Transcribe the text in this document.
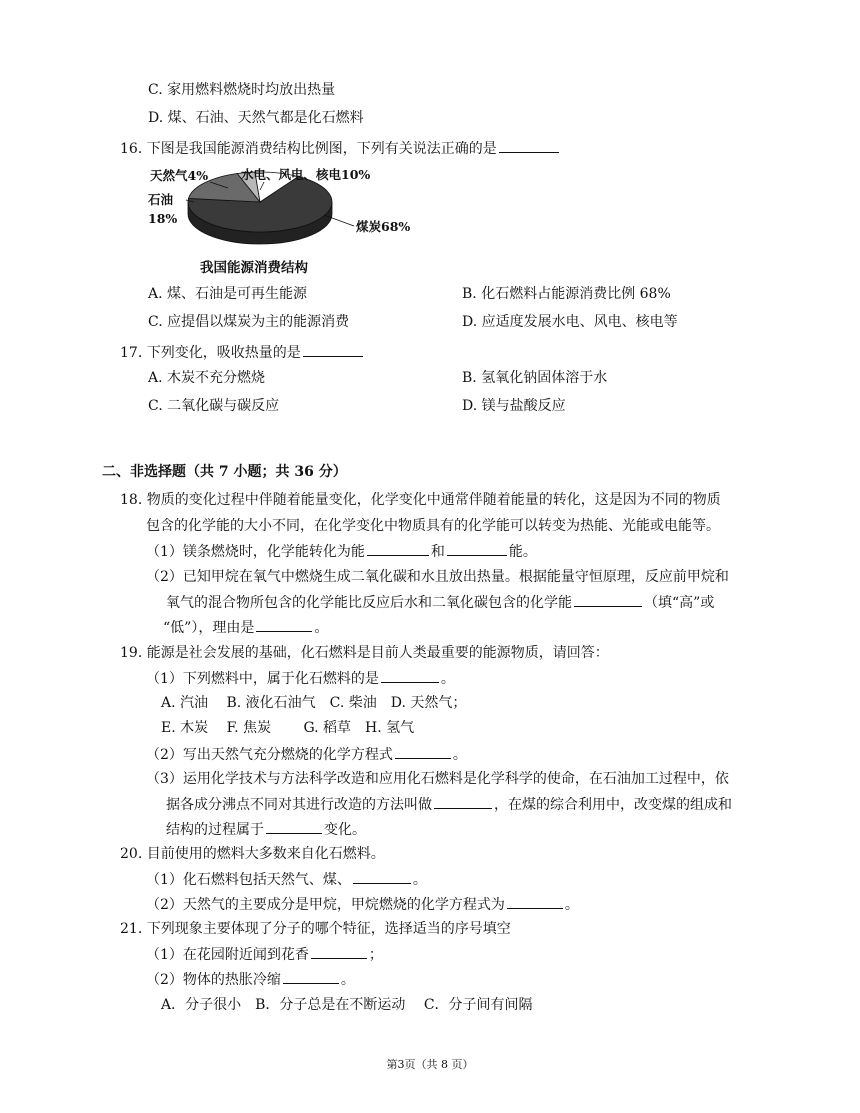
C. 家用燃料燃烧时均放出热量
D. 煤、石油、天然气都是化石燃料
16. 下图是我国能源消费结构比例图，下列有关说法正确的是
煤炭68%
石油
18%
天然气4%	水电、风电、核电10%
我国能源消费结构
A. 煤、石油是可再生能源	B. 化石燃料占能源消费比例 68%
C. 应提倡以煤炭为主的能源消费	D. 应适度发展水电、风电、核电等
17. 下列变化，吸收热量的是
A. 木炭不充分燃烧	B. 氢氧化钠固体溶于水
C. 二氧化碳与碳反应	D. 镁与盐酸反应
二、非选择题（共 7 小题；共 36 分）
18. 物质的变化过程中伴随着能量变化，化学变化中通常伴随着能量的转化，这是因为不同的物质
包含的化学能的大小不同，在化学变化中物质具有的化学能可以转变为热能、光能或电能等。
（1）镁条燃烧时，化学能转化为能	和	能。
（2）已知甲烷在氧气中燃烧生成二氧化碳和水且放出热量。根据能量守恒原理，反应前甲烷和
氧气的混合物所包含的化学能比反应后水和二氧化碳包含的化学能	（填“高”或
“低”），理由是	。
19. 能源是社会发展的基础，化石燃料是目前人类最重要的能源物质，请回答：
（1）下列燃料中，属于化石燃料的是	。
A. 汽油　 B. 液化石油气　C. 柴油　D. 天然气；
E. 木炭　 F. 焦炭　　 G. 稻草　H. 氢气
（2）写出天然气充分燃烧的化学方程式	。
（3）运用化学技术与方法科学改造和应用化石燃料是化学科学的使命，在石油加工过程中，依
据各成分沸点不同对其进行改造的方法叫做	，在煤的综合利用中，改变煤的组成和
结构的过程属于	变化。
20. 目前使用的燃料大多数来自化石燃料。
（1）化石燃料包括天然气、煤、	。
（2）天然气的主要成分是甲烷，甲烷燃烧的化学方程式为	。
21. 下列现象主要体现了分子的哪个特征，选择适当的序号填空
（1）在花园附近闻到花香	；
（2）物体的热胀冷缩	。
A．分子很小　B．分子总是在不断运动　 C．分子间有间隔
第3页（共 8 页）
